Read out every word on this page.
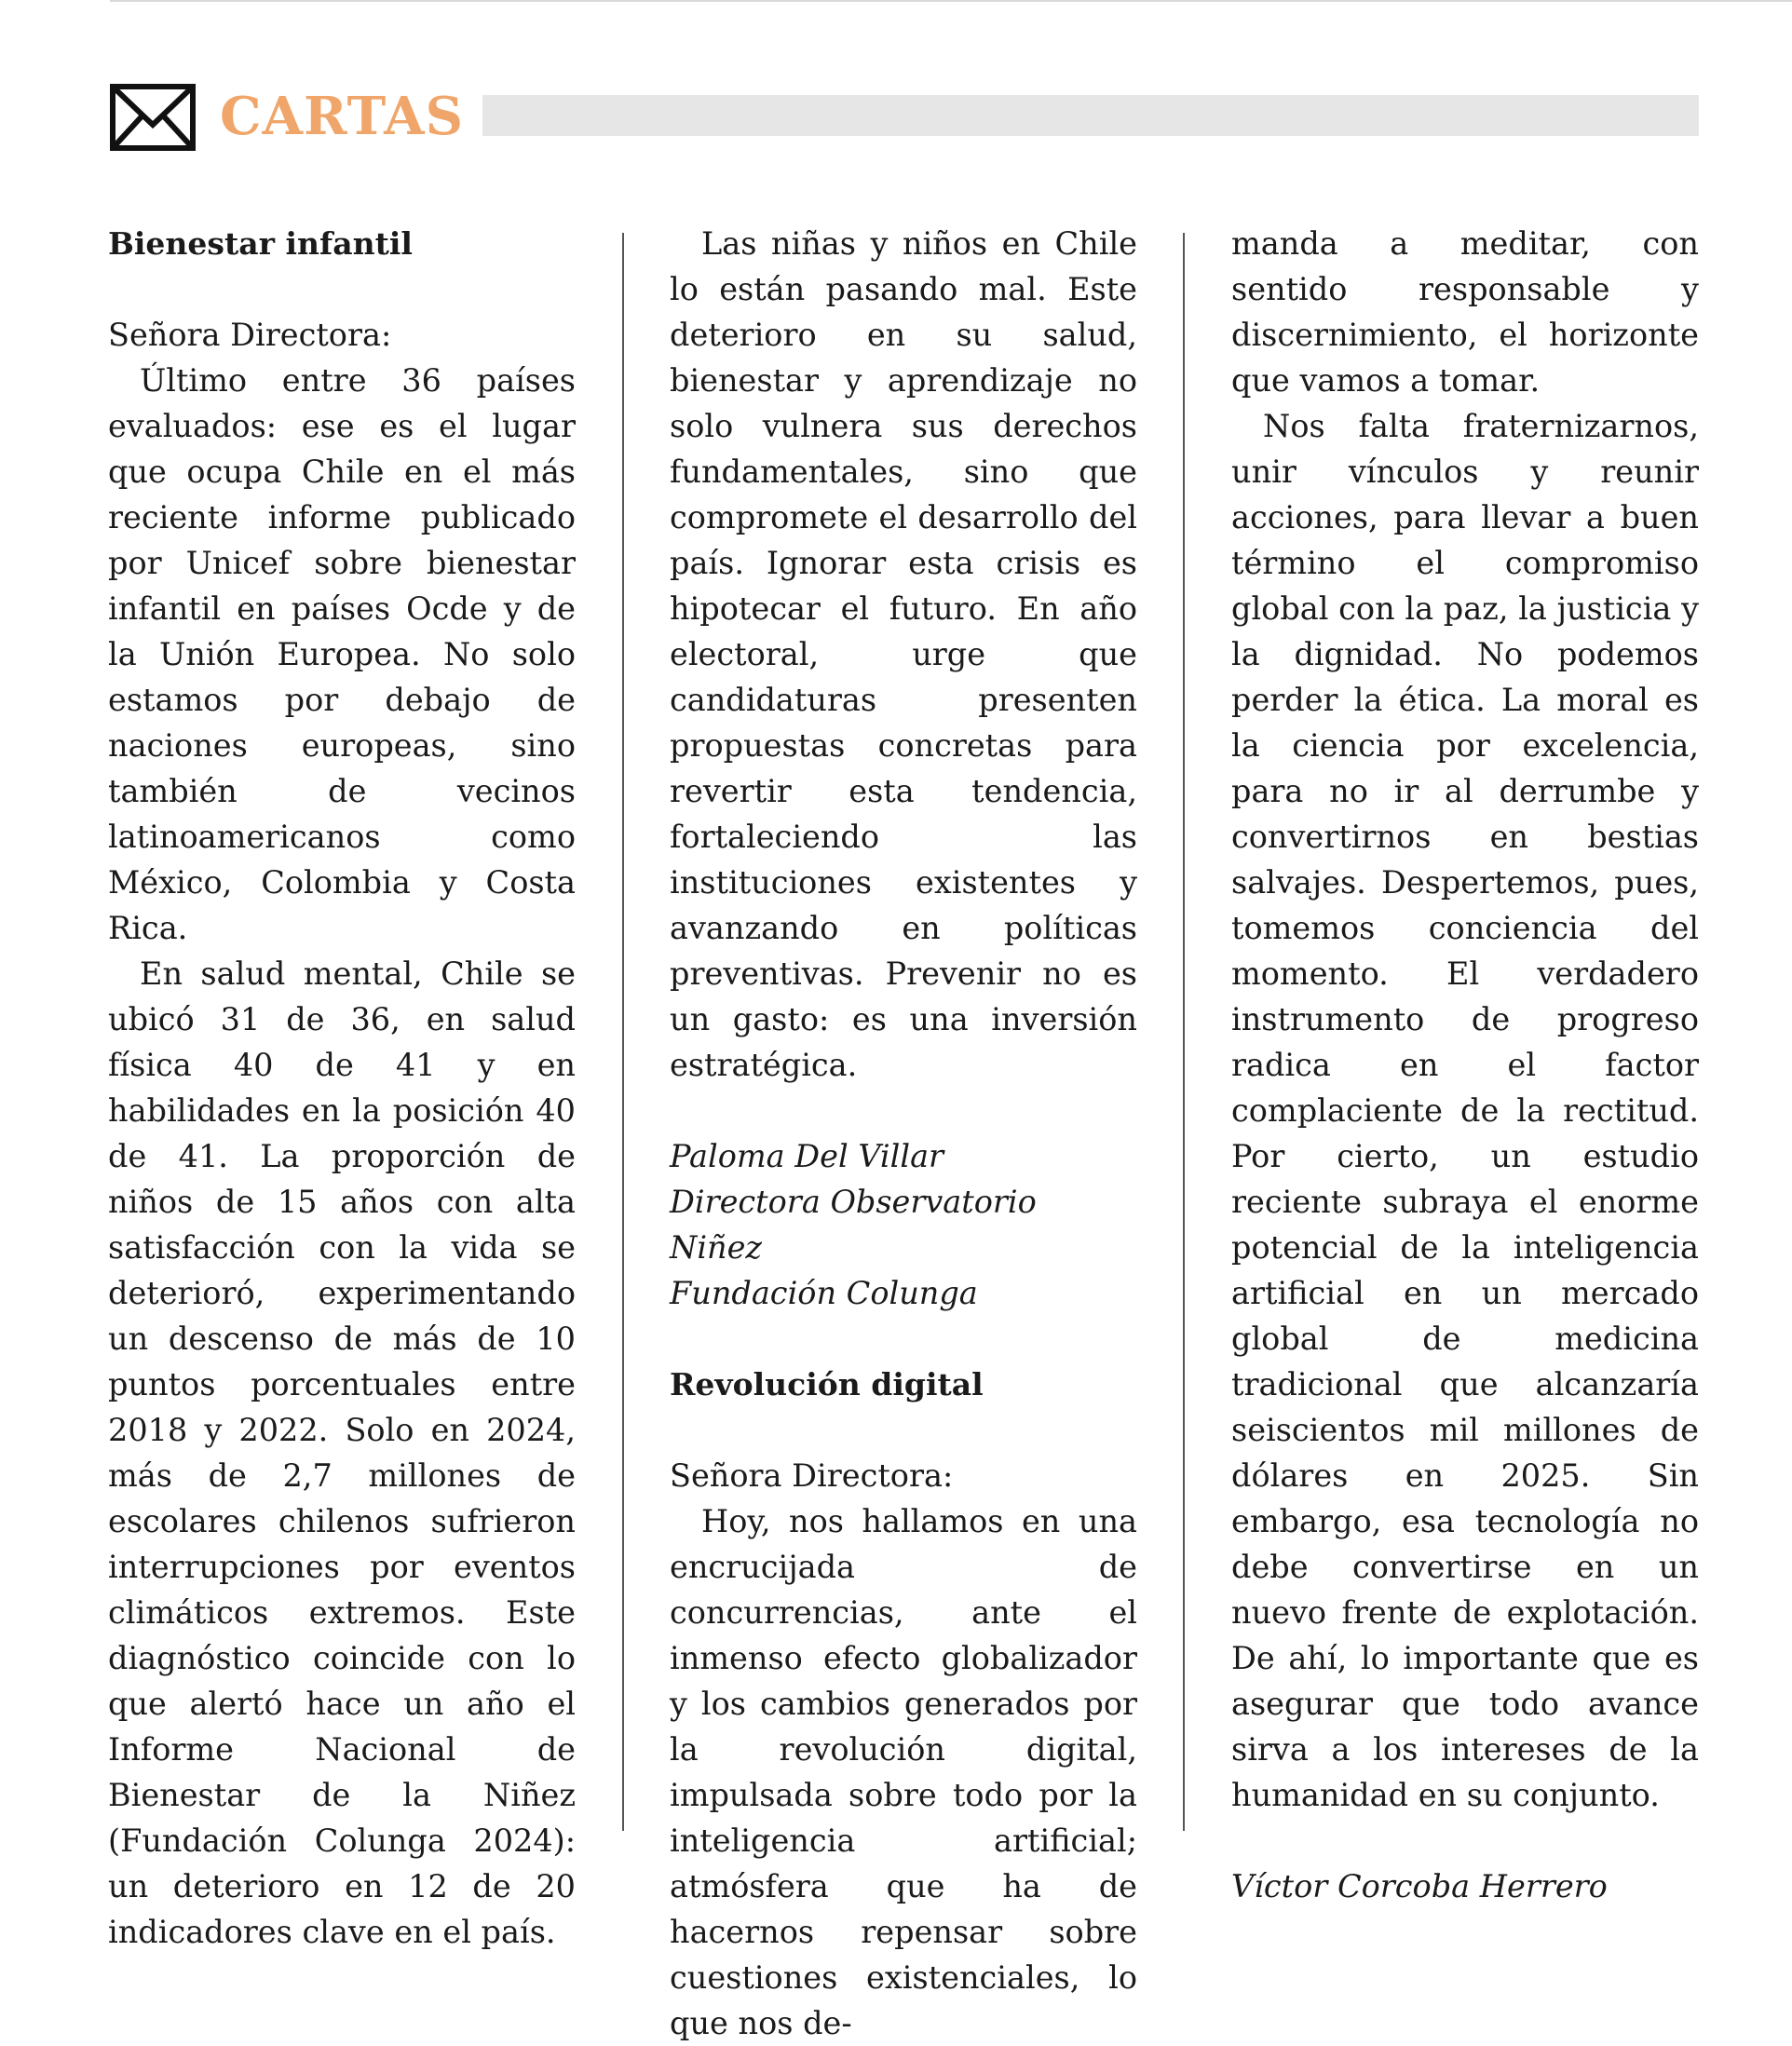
CARTAS
Bienestar infantil

Señora Directora:

Último entre 36 países evaluados: ese es el lugar que ocupa Chile en el más reciente informe publicado por Unicef sobre bienestar infantil en países Ocde y de la Unión Europea. No solo estamos por debajo de naciones europeas, sino también de vecinos latinoamericanos como México, Colombia y Costa Rica.

En salud mental, Chile se ubicó 31 de 36, en salud física 40 de 41 y en habilidades en la posición 40 de 41. La proporción de niños de 15 años con alta satisfacción con la vida se deterioró, experimentando un descenso de más de 10 puntos porcentuales entre 2018 y 2022. Solo en 2024, más de 2,7 millones de escolares chilenos sufrieron interrupciones por eventos climáticos extremos. Este diagnóstico coincide con lo que alertó hace un año el Informe Nacional de Bienestar de la Niñez (Fundación Colunga 2024): un deterioro en 12 de 20 indicadores clave en el país.

Las niñas y niños en Chile lo están pasando mal. Este deterioro en su salud, bienestar y aprendizaje no solo vulnera sus derechos fundamentales, sino que compromete el desarrollo del país. Ignorar esta crisis es hipotecar el futuro. En año electoral, urge que candidaturas presenten propuestas concretas para revertir esta tendencia, fortaleciendo las instituciones existentes y avanzando en políticas preventivas. Prevenir no es un gasto: es una inversión estratégica.

Paloma Del Villar

Directora Observatorio Niñez

Fundación Colunga

Revolución digital

Señora Directora:

Hoy, nos hallamos en una encrucijada de concurrencias, ante el inmenso efecto globalizador y los cambios generados por la revolución digital, impulsada sobre todo por la inteligencia artificial; atmósfera que ha de hacernos repensar sobre cuestiones existenciales, lo que nos de-

manda a meditar, con sentido responsable y discernimiento, el horizonte que vamos a tomar.

Nos falta fraternizarnos, unir vínculos y reunir acciones, para llevar a buen término el compromiso global con la paz, la justicia y la dignidad. No podemos perder la ética. La moral es la ciencia por excelencia, para no ir al derrumbe y convertirnos en bestias salvajes. Despertemos, pues, tomemos conciencia del momento. El verdadero instrumento de progreso radica en el factor complaciente de la rectitud. Por cierto, un estudio reciente subraya el enorme potencial de la inteligencia artificial en un mercado global de medicina tradicional que alcanzaría seiscientos mil millones de dólares en 2025. Sin embargo, esa tecnología no debe convertirse en un nuevo frente de explotación. De ahí, lo importante que es asegurar que todo avance sirva a los intereses de la humanidad en su conjunto.

Víctor Corcoba Herrero
